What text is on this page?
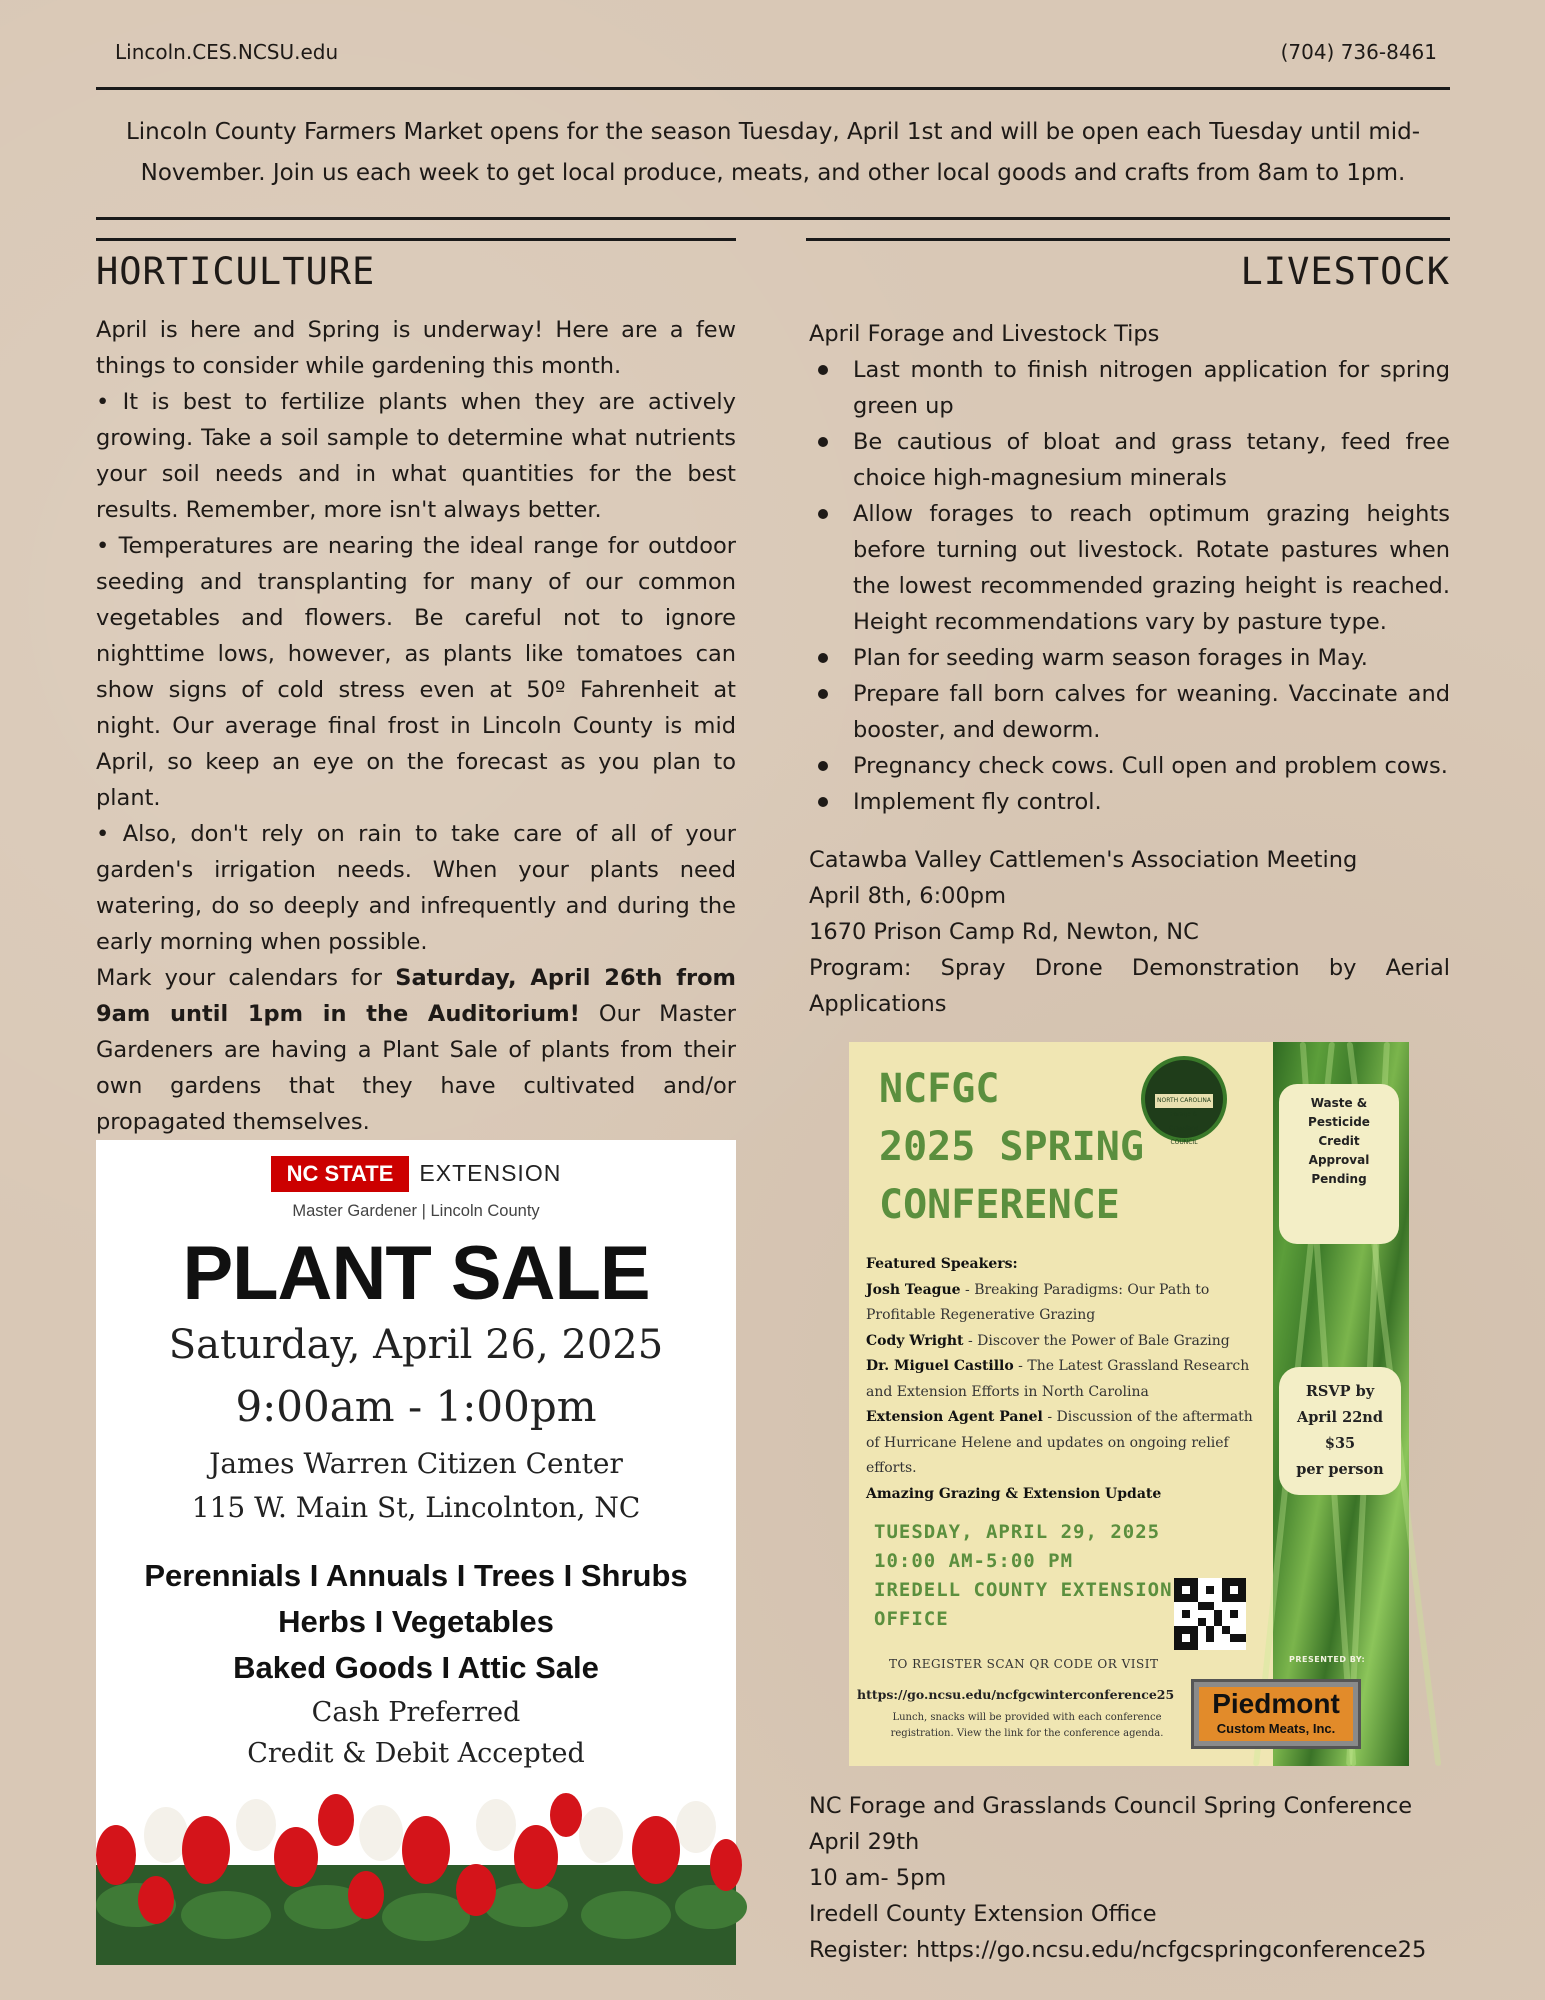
Lincoln.CES.NCSU.edu	(704) 736-8461
Lincoln County Farmers Market opens for the season Tuesday, April 1st and will be open each Tuesday until mid-November. Join us each week to get local produce, meats, and other local goods and crafts from 8am to 1pm.
HORTICULTURE

April is here and Spring is underway! Here are a few things to consider while gardening this month.

• It is best to fertilize plants when they are actively growing. Take a soil sample to determine what nutrients your soil needs and in what quantities for the best results. Remember, more isn't always better.

• Temperatures are nearing the ideal range for outdoor seeding and transplanting for many of our common vegetables and flowers. Be careful not to ignore nighttime lows, however, as plants like tomatoes can show signs of cold stress even at 50º Fahrenheit at night. Our average final frost in Lincoln County is mid April, so keep an eye on the forecast as you plan to plant.

• Also, don't rely on rain to take care of all of your garden's irrigation needs. When your plants need watering, do so deeply and infrequently and during the early morning when possible.

Mark your calendars for Saturday, April 26th from 9am until 1pm in the Auditorium! Our Master Gardeners are having a Plant Sale of plants from their own gardens that they have cultivated and/or propagated themselves.
NC STATE EXTENSION
Master Gardener | Lincoln County
PLANT SALE
Saturday, April 26, 2025
9:00am - 1:00pm
James Warren Citizen Center
115 W. Main St, Lincolnton, NC
Perennials I Annuals I Trees I Shrubs
Herbs I Vegetables
Baked Goods I Attic Sale
Cash Preferred
Credit & Debit Accepted
LIVESTOCK

April Forage and Livestock Tips

Last month to finish nitrogen application for spring green up
Be cautious of bloat and grass tetany, feed free choice high-magnesium minerals
Allow forages to reach optimum grazing heights before turning out livestock. Rotate pastures when the lowest recommended grazing height is reached. Height recommendations vary by pasture type.
Plan for seeding warm season forages in May.
Prepare fall born calves for weaning. Vaccinate and booster, and deworm.
Pregnancy check cows. Cull open and problem cows.
Implement fly control.

Catawba Valley Cattlemen's Association Meeting

April 8th, 6:00pm

1670 Prison Camp Rd, Newton, NC

Program: Spray Drone Demonstration by Aerial Applications

NCFGC
2025 SPRING
CONFERENCE
NORTH CAROLINA Forage & Grassland COUNCIL
Waste & Pesticide Credit Approval Pending
Featured Speakers:
Josh Teague - Breaking Paradigms: Our Path to Profitable Regenerative Grazing
Cody Wright - Discover the Power of Bale Grazing
Dr. Miguel Castillo - The Latest Grassland Research and Extension Efforts in North Carolina
Extension Agent Panel - Discussion of the aftermath of Hurricane Helene and updates on ongoing relief efforts.
Amazing Grazing & Extension Update
RSVP by
April 22nd
$35
per person
TUESDAY, APRIL 29, 2025
10:00 AM-5:00 PM
IREDELL COUNTY EXTENSION
OFFICE
TO REGISTER SCAN QR CODE OR VISIT
https://go.ncsu.edu/ncfgcwinterconference25
Lunch, snacks will be provided with each conference registration. View the link for the conference agenda.
PRESENTED BY:
Piedmont
Custom Meats, Inc.

NC Forage and Grasslands Council Spring Conference

April 29th

10 am- 5pm

Iredell County Extension Office

Register: https://go.ncsu.edu/ncfgcspringconference25
